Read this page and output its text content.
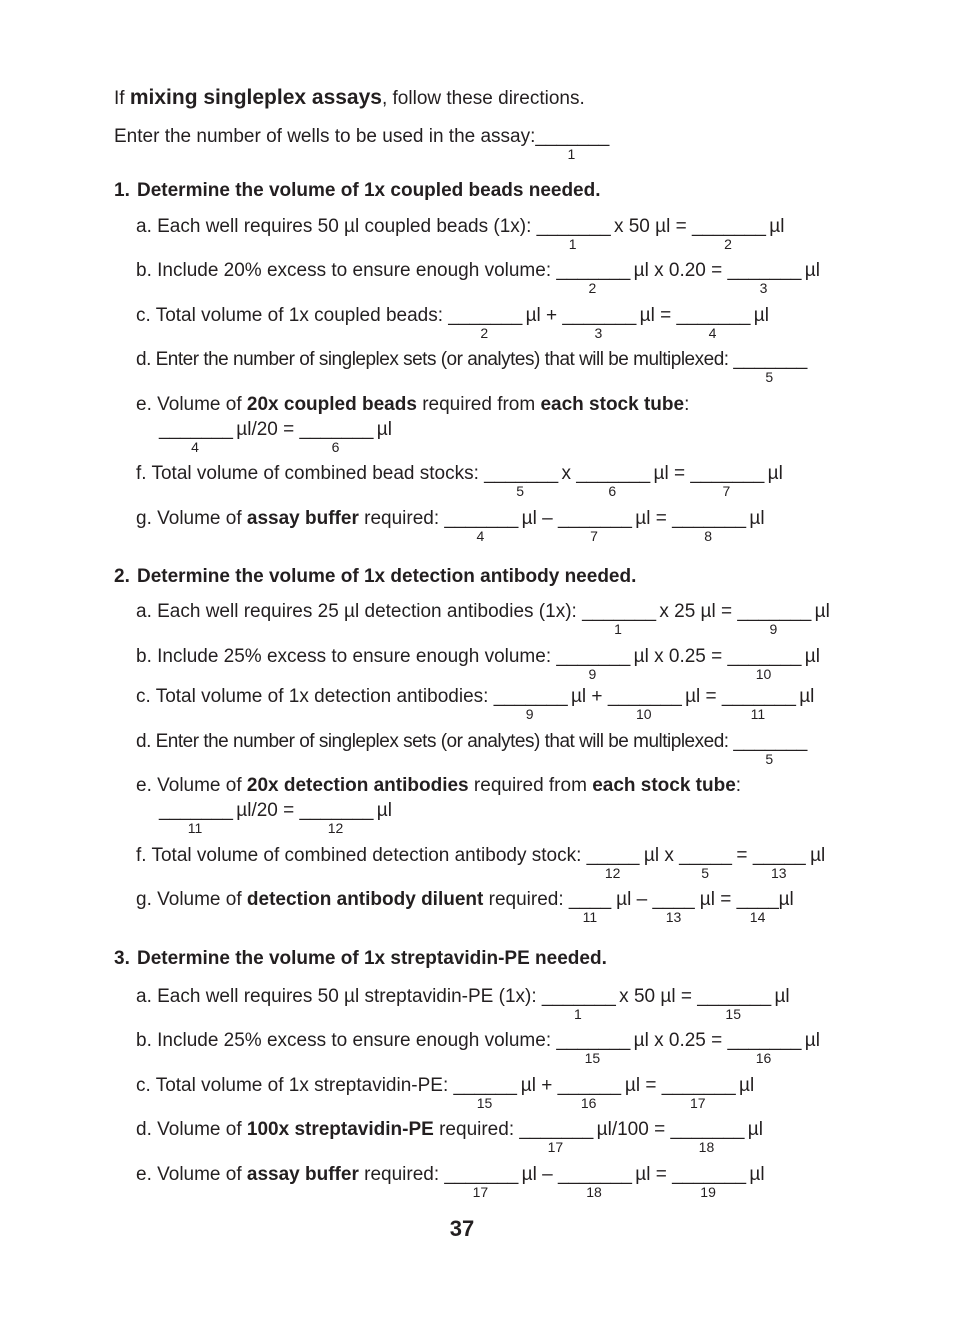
If mixing singleplex assays, follow these directions.
Enter the number of wells to be used in the assay:_______
1
1. Determine the volume of 1x coupled beads needed.
a. Each well requires 50 µl coupled beads (1x): _______
1
x 50 µl = _______
2
µl
b. Include 20% excess to ensure enough volume: _______
2
µl x 0.20 = _______
3
µl
c. Total volume of 1x coupled beads: _______
2
µl + _______
3
µl = _______
4
µl
d. Enter the number of singleplex sets (or analytes) that will be multiplexed: _______
5
e. Volume of 20x coupled beads required from each stock tube:
_______
4
µl/20 = _______
6
µl
f. Total volume of combined bead stocks: _______
5
x _______
6
µl = _______
7
µl
g. Volume of assay buffer required: _______
4
µl – _______
7
µl = _______
8
µl
2. Determine the volume of 1x detection antibody needed.
a. Each well requires 25 µl detection antibodies (1x): _______
1
x 25 µl = _______
9
µl
b. Include 25% excess to ensure enough volume: _______
9
µl x 0.25 = _______
10
µl
c. Total volume of 1x detection antibodies: _______
9
µl + _______
10
µl = _______
11
µl
d. Enter the number of singleplex sets (or analytes) that will be multiplexed: _______
5
e. Volume of 20x detection antibodies required from each stock tube:
_______
11
µl/20 = _______
12
µl
f. Total volume of combined detection antibody stock: _____
12
µl x _____
5
= _____
13
µl
g. Volume of detection antibody diluent required: ____
11
µl – ____
13
µl = ____
14
µl
3. Determine the volume of 1x streptavidin-PE needed.
a. Each well requires 50 µl streptavidin-PE (1x): _______
1
x 50 µl = _______
15
µl
b. Include 25% excess to ensure enough volume: _______
15
µl x 0.25 = _______
16
µl
c. Total volume of 1x streptavidin-PE: ______
15
µl + ______
16
µl = _______
17
µl
d. Volume of 100x streptavidin-PE required: _______
17
µl/100 = _______
18
µl
e. Volume of assay buffer required: _______
17
µl – _______
18
µl = _______
19
µl
37
